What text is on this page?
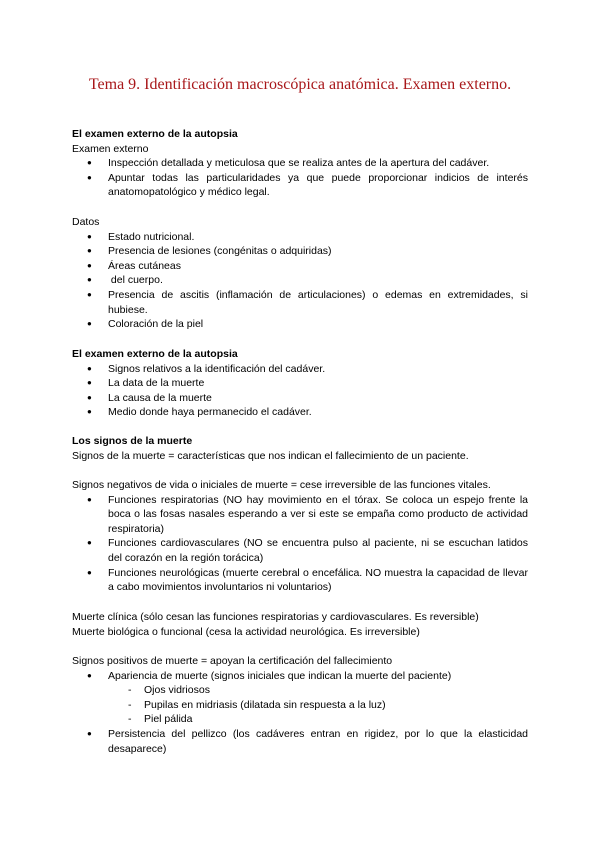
Tema 9. Identificación macroscópica anatómica. Examen externo.
El examen externo de la autopsia
Examen externo
● Inspección detallada y meticulosa que se realiza antes de la apertura del cadáver.
● Apuntar todas las particularidades ya que puede proporcionar indicios de interés anatomopatológico y médico legal.
Datos
● Estado nutricional.
● Presencia de lesiones (congénitas o adquiridas)
● Áreas cutáneas
●  del cuerpo.
● Presencia de ascitis (inflamación de articulaciones) o edemas en extremidades, si hubiese.
● Coloración de la piel
El examen externo de la autopsia
● Signos relativos a la identificación del cadáver.
● La data de la muerte
● La causa de la muerte
● Medio donde haya permanecido el cadáver.
Los signos de la muerte
Signos de la muerte = características que nos indican el fallecimiento de un paciente.
Signos negativos de vida o iniciales de muerte = cese irreversible de las funciones vitales.
● Funciones respiratorias (NO hay movimiento en el tórax. Se coloca un espejo frente la boca o las fosas nasales esperando a ver si este se empaña como producto de actividad respiratoria)
● Funciones cardiovasculares (NO se encuentra pulso al paciente, ni se escuchan latidos del corazón en la región torácica)
● Funciones neurológicas (muerte cerebral o encefálica. NO muestra la capacidad de llevar a cabo movimientos involuntarios ni voluntarios)
Muerte clínica (sólo cesan las funciones respiratorias y cardiovasculares. Es reversible)
Muerte biológica o funcional (cesa la actividad neurológica. Es irreversible)
Signos positivos de muerte = apoyan la certificación del fallecimiento
● Apariencia de muerte (signos iniciales que indican la muerte del paciente)
- Ojos vidriosos
- Pupilas en midriasis (dilatada sin respuesta a la luz)
- Piel pálida
● Persistencia del pellizco (los cadáveres entran en rigidez, por lo que la elasticidad desaparece)
